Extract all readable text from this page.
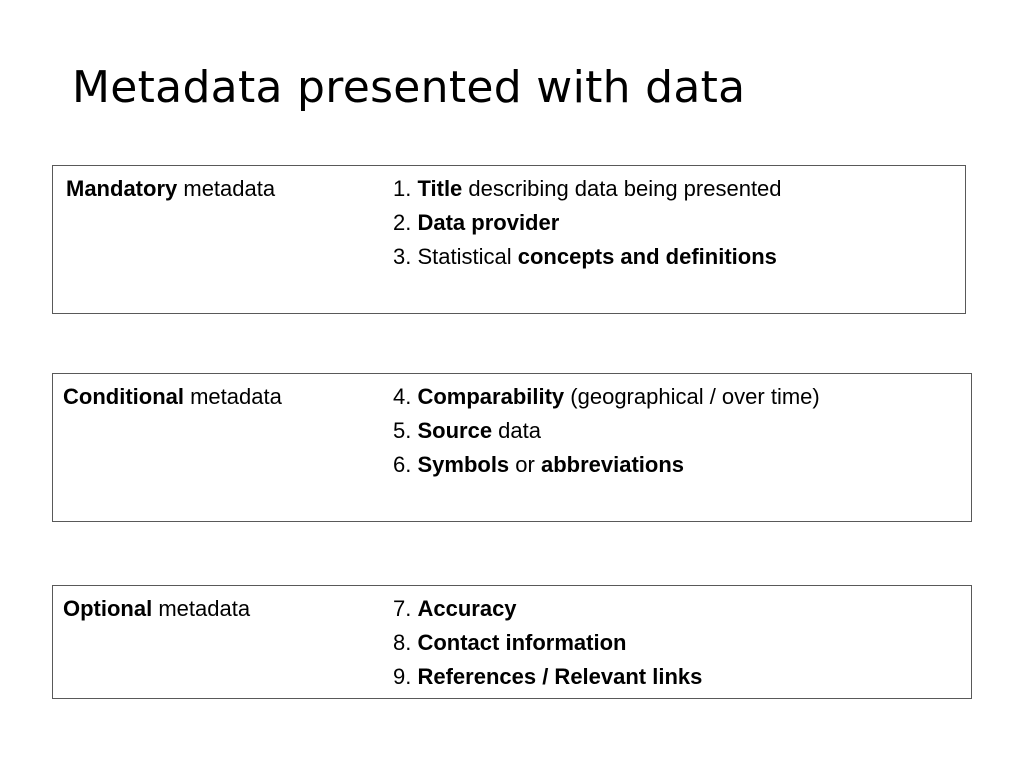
Metadata presented with data
Mandatory metadata	1. Title describing data being presented
2. Data provider
3. Statistical concepts and definitions
Conditional metadata	4. Comparability (geographical / over time)
5. Source data
6. Symbols or abbreviations
Optional metadata	7. Accuracy
8. Contact information
9. References / Relevant links
